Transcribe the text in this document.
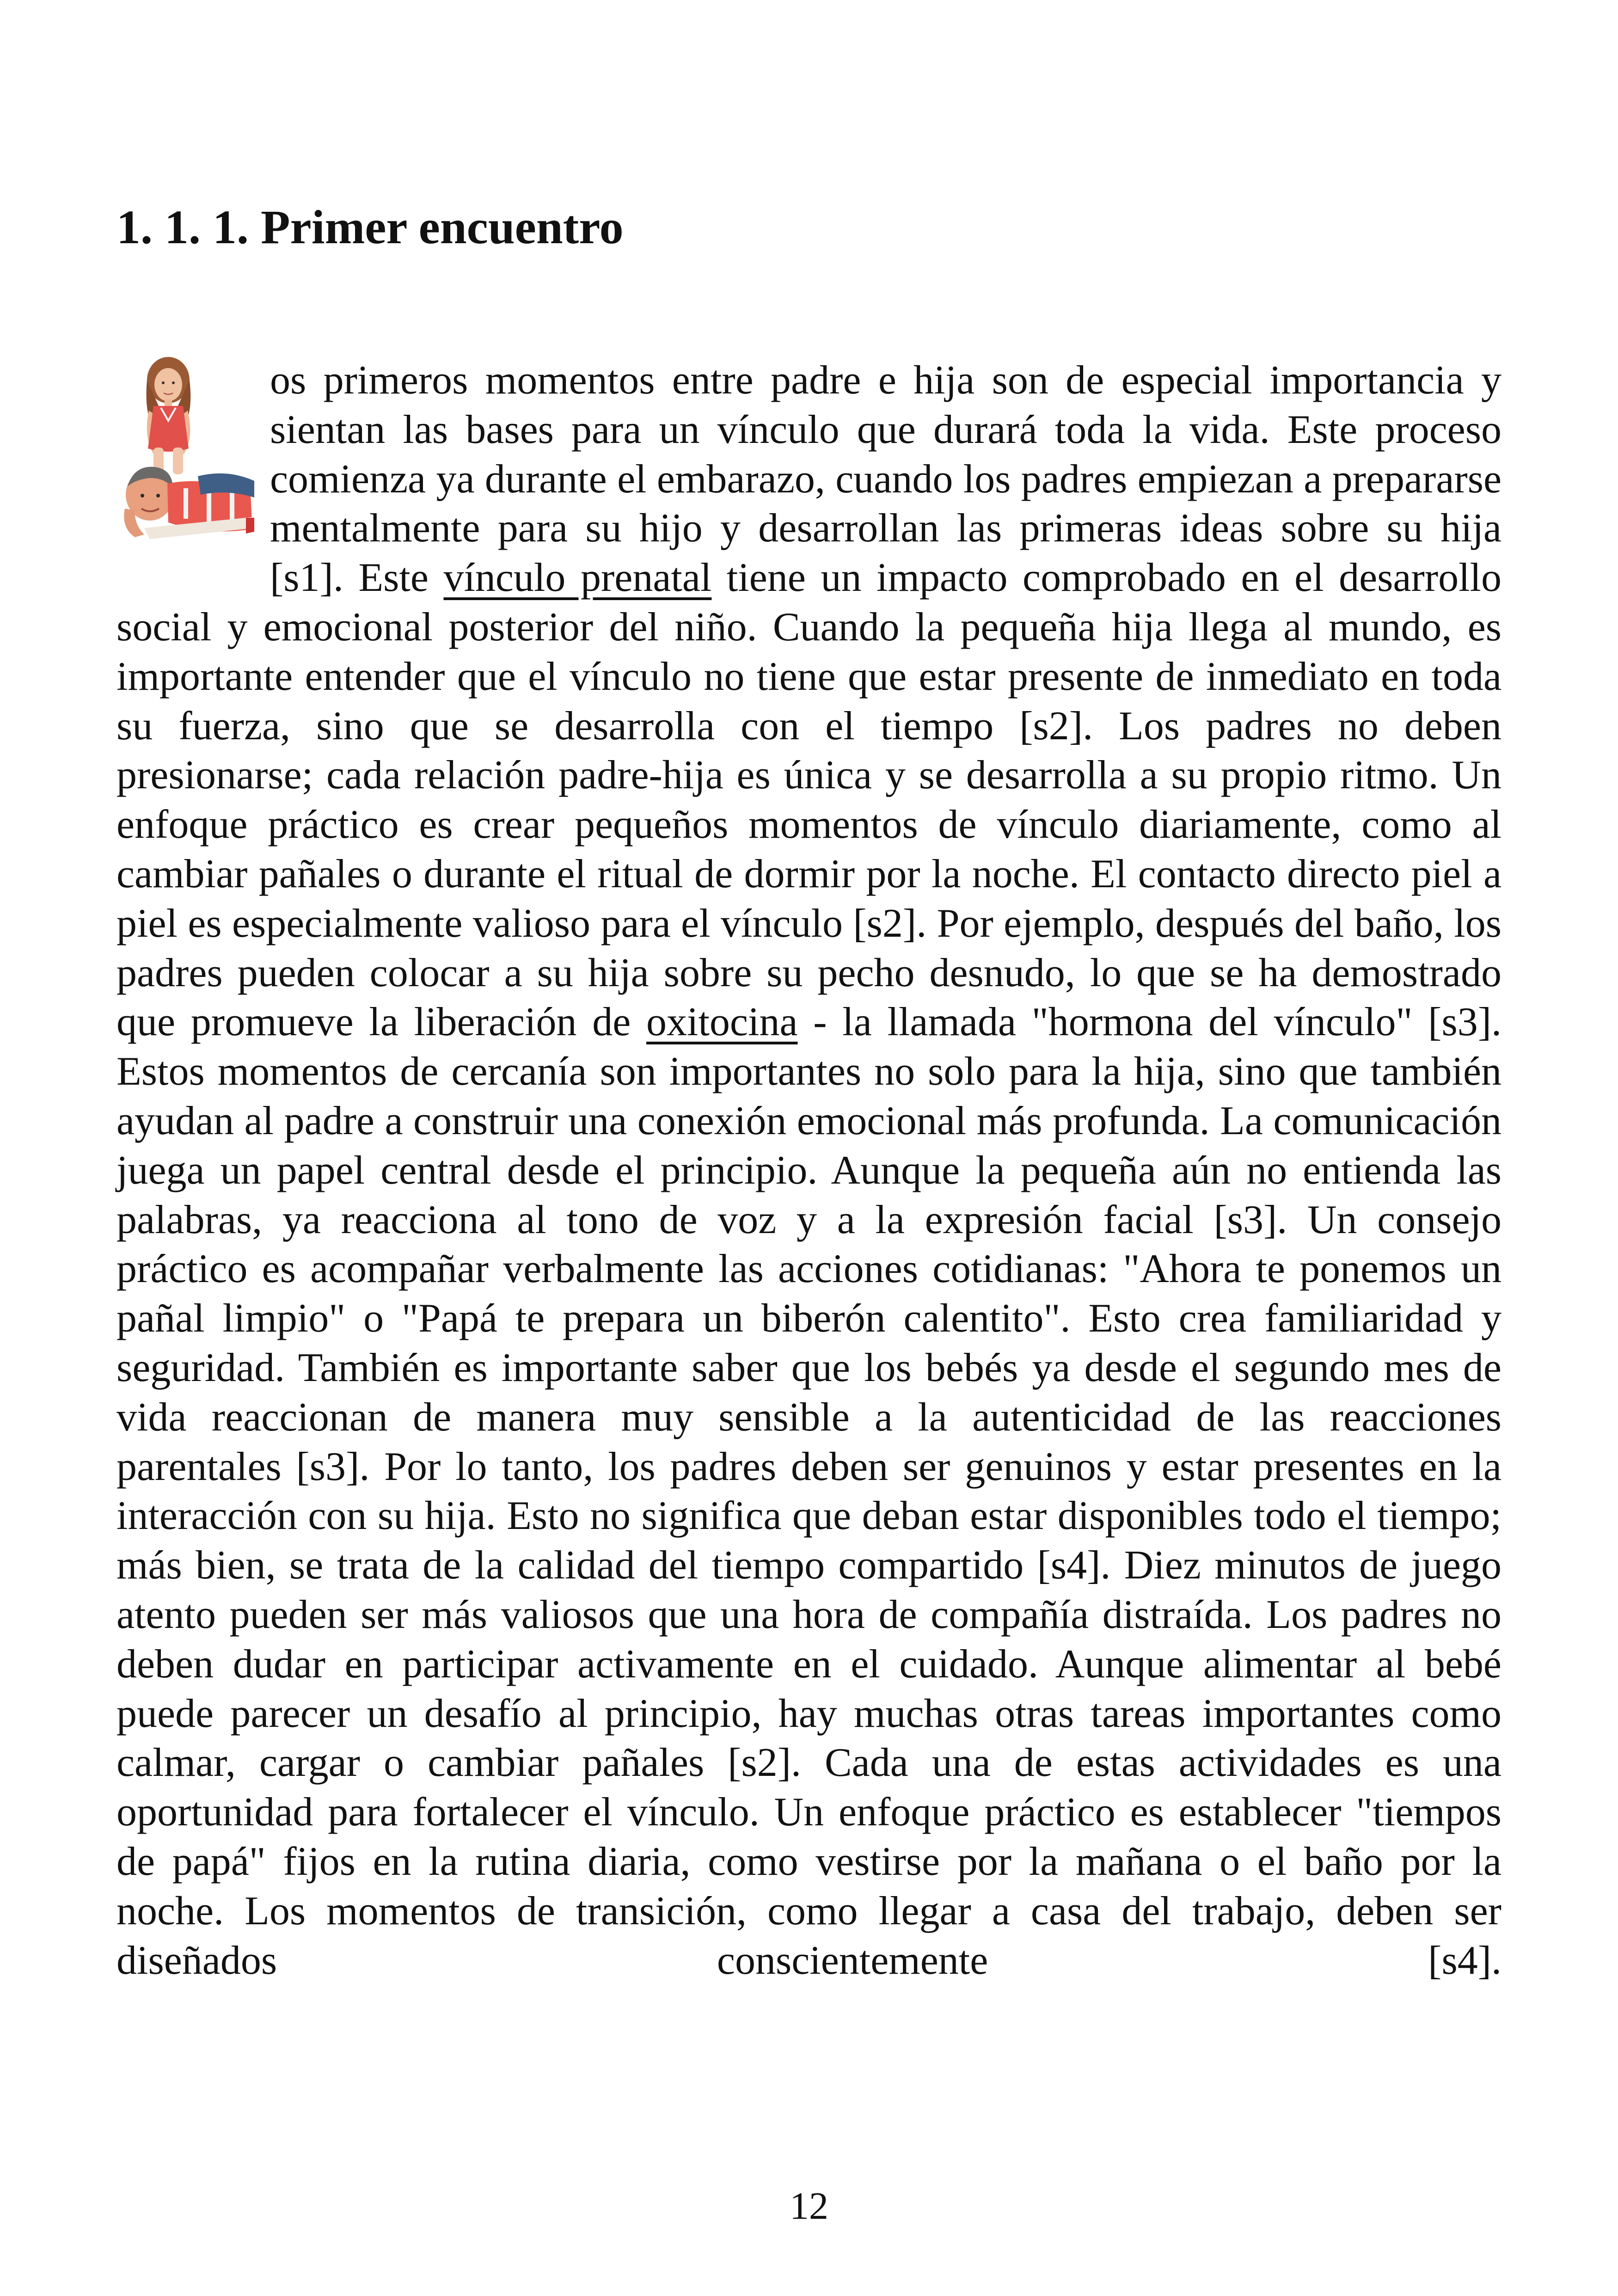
1. 1. 1. Primer encuentro

os primeros momentos entre padre e hija son de especial importancia y sientan las bases para un vínculo que durará toda la vida. Este proceso comienza ya durante el embarazo, cuando los padres empiezan a prepararse mentalmente para su hijo y desarrollan las primeras ideas sobre su hija [s1]. Este vínculo prenatal tiene un impacto comprobado en el desarrollo social y emocional posterior del niño. Cuando la pequeña hija llega al mundo, es importante entender que el vínculo no tiene que estar presente de inmediato en toda su fuerza, sino que se desarrolla con el tiempo [s2]. Los padres no deben presionarse; cada relación padre-hija es única y se desarrolla a su propio ritmo. Un enfoque práctico es crear pequeños momentos de vínculo diariamente, como al cambiar pañales o durante el ritual de dormir por la noche. El contacto directo piel a piel es especialmente valioso para el vínculo [s2]. Por ejemplo, después del baño, los padres pueden colocar a su hija sobre su pecho desnudo, lo que se ha demostrado que promueve la liberación de oxitocina - la llamada "hormona del vínculo" [s3]. Estos momentos de cercanía son importantes no solo para la hija, sino que también ayudan al padre a construir una conexión emocional más profunda. La comunicación juega un papel central desde el principio. Aunque la pequeña aún no entienda las palabras, ya reacciona al tono de voz y a la expresión facial [s3]. Un consejo práctico es acompañar verbalmente las acciones cotidianas: "Ahora te ponemos un pañal limpio" o "Papá te prepara un biberón calentito". Esto crea familiaridad y seguridad. También es importante saber que los bebés ya desde el segundo mes de vida reaccionan de manera muy sensible a la autenticidad de las reacciones parentales [s3]. Por lo tanto, los padres deben ser genuinos y estar presentes en la interacción con su hija. Esto no significa que deban estar disponibles todo el tiempo; más bien, se trata de la calidad del tiempo compartido [s4]. Diez minutos de juego atento pueden ser más valiosos que una hora de compañía distraída. Los padres no deben dudar en participar activamente en el cuidado. Aunque alimentar al bebé puede parecer un desafío al principio, hay muchas otras tareas importantes como calmar, cargar o cambiar pañales [s2]. Cada una de estas actividades es una oportunidad para fortalecer el vínculo. Un enfoque práctico es establecer "tiempos de papá" fijos en la rutina diaria, como vestirse por la mañana o el baño por la noche. Los momentos de transición, como llegar a casa del trabajo, deben ser diseñados conscientemente [s4].

12
